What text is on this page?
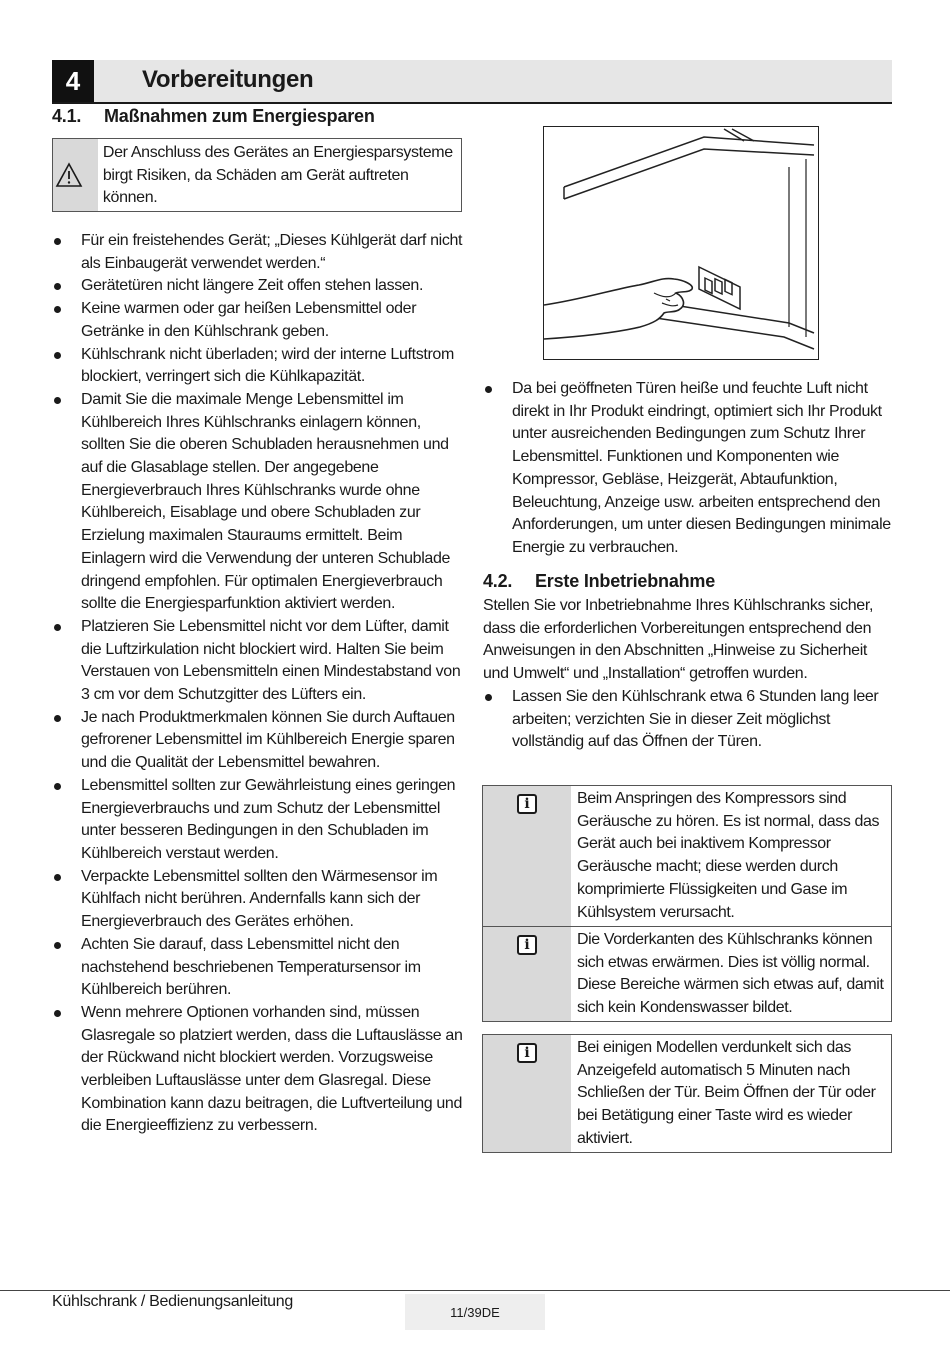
4	Vorbereitungen
4.1. Maßnahmen zum Energiesparen
Der Anschluss des Gerätes an Energiesparsysteme birgt Risiken, da Schäden am Gerät auftreten können.
Für ein freistehendes Gerät; „Dieses Kühlgerät darf nicht als Einbaugerät verwendet werden.“
Gerätetüren nicht längere Zeit offen stehen lassen.
Keine warmen oder gar heißen Lebensmittel oder Getränke in den Kühlschrank geben.
Kühlschrank nicht überladen; wird der interne Luftstrom blockiert, verringert sich die Kühlkapazität.
Damit Sie die maximale Menge Lebensmittel im Kühlbereich Ihres Kühlschranks einlagern können, sollten Sie die oberen Schubladen herausnehmen und auf die Glasablage stellen. Der angegebene Energieverbrauch Ihres Kühlschranks wurde ohne Kühlbereich, Eisablage und obere Schubladen zur Erzielung maximalen Stauraums ermittelt. Beim Einlagern wird die Verwendung der unteren Schublade dringend empfohlen. Für optimalen Energieverbrauch sollte die Energiesparfunktion aktiviert werden.
Platzieren Sie Lebensmittel nicht vor dem Lüfter, damit die Luftzirkulation nicht blockiert wird. Halten Sie beim Verstauen von Lebensmitteln einen Mindestabstand von 3 cm vor dem Schutzgitter des Lüfters ein.
Je nach Produktmerkmalen können Sie durch Auftauen gefrorener Lebensmittel im Kühlbereich Energie sparen und die Qualität der Lebensmittel bewahren.
Lebensmittel sollten zur Gewährleistung eines geringen Energieverbrauchs und zum Schutz der Lebensmittel unter besseren Bedingungen in den Schubladen im Kühlbereich verstaut werden.
Verpackte Lebensmittel sollten den Wärmesensor im Kühlfach nicht berühren. Andernfalls kann sich der Energieverbrauch des Gerätes erhöhen.
Achten Sie darauf, dass Lebensmittel nicht den nachstehend beschriebenen Temperatursensor im Kühlbereich berühren.
Wenn mehrere Optionen vorhanden sind, müssen Glasregale so platziert werden, dass die Luftauslässe an der Rückwand nicht blockiert werden. Vorzugsweise verbleiben Luftauslässe unter dem Glasregal. Diese Kombination kann dazu beitragen, die Luftverteilung und die Energieeffizienz zu verbessern.
Da bei geöffneten Türen heiße und feuchte Luft nicht direkt in Ihr Produkt eindringt, optimiert sich Ihr Produkt unter ausreichenden Bedingungen zum Schutz Ihrer Lebensmittel. Funktionen und Komponenten wie Kompressor, Gebläse, Heizgerät, Abtaufunktion, Beleuchtung, Anzeige usw. arbeiten entsprechend den Anforderungen, um unter diesen Bedingungen minimale Energie zu verbrauchen.
4.2. Erste Inbetriebnahme
Stellen Sie vor Inbetriebnahme Ihres Kühlschranks sicher, dass die erforderlichen Vorbereitungen entsprechend den Anweisungen in den Abschnitten „Hinweise zu Sicherheit und Umwelt“ und „Installation“ getroffen wurden.
Lassen Sie den Kühlschrank etwa 6 Stunden lang leer arbeiten; verzichten Sie in dieser Zeit möglichst vollständig auf das Öffnen der Türen.
i	Beim Anspringen des Kompressors sind Geräusche zu hören. Es ist normal, dass das Gerät auch bei inaktivem Kompressor Geräusche macht; diese werden durch komprimierte Flüssigkeiten und Gase im Kühlsystem verursacht.
i	Die Vorderkanten des Kühlschranks können sich etwas erwärmen. Dies ist völlig normal. Diese Bereiche wärmen sich etwas auf, damit sich kein Kondenswasser bildet.
i	Bei einigen Modellen verdunkelt sich das Anzeigefeld automatisch 5 Minuten nach Schließen der Tür. Beim Öffnen der Tür oder bei Betätigung einer Taste wird es wieder aktiviert.
Kühlschrank / Bedienungsanleitung
11/39DE
